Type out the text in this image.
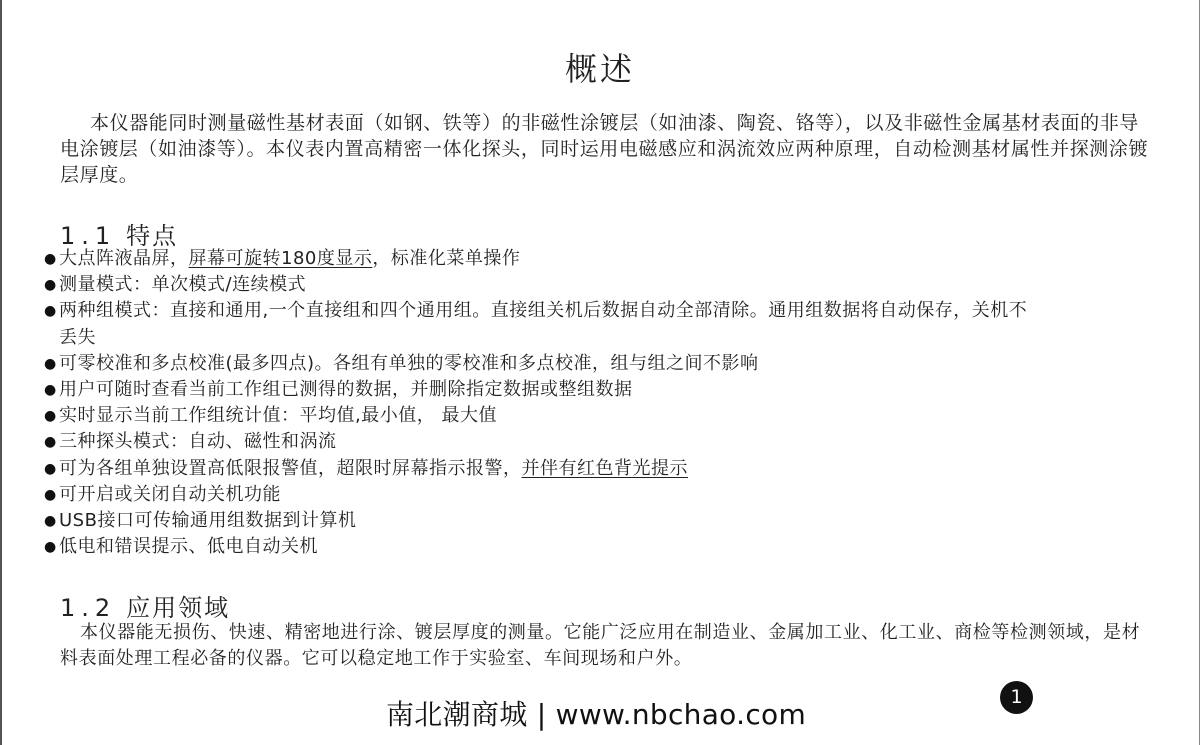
概述
本仪器能同时测量磁性基材表面（如钢、铁等）的非磁性涂镀层（如油漆、陶瓷、铬等），以及非磁性金属基材表面的非导电涂镀层（如油漆等）。本仪表内置高精密一体化探头，同时运用电磁感应和涡流效应两种原理，自动检测基材属性并探测涂镀层厚度。
1.1 特点
● 大点阵液晶屏，屏幕可旋转180度显示，标准化菜单操作
● 测量模式：单次模式/连续模式
● 两种组模式：直接和通用,一个直接组和四个通用组。直接组关机后数据自动全部清除。通用组数据将自动保存，关机不丢失
● 可零校准和多点校准(最多四点)。各组有单独的零校准和多点校准，组与组之间不影响
● 用户可随时查看当前工作组已测得的数据，并删除指定数据或整组数据
● 实时显示当前工作组统计值：平均值,最小值， 最大值
● 三种探头模式：自动、磁性和涡流
● 可为各组单独设置高低限报警值，超限时屏幕指示报警，并伴有红色背光提示
● 可开启或关闭自动关机功能
● USB接口可传输通用组数据到计算机
● 低电和错误提示、低电自动关机
1.2 应用领域
本仪器能无损伤、快速、精密地进行涂、镀层厚度的测量。它能广泛应用在制造业、金属加工业、化工业、商检等检测领域，是材料表面处理工程必备的仪器。它可以稳定地工作于实验室、车间现场和户外。
南北潮商城 | www.nbchao.com
1
